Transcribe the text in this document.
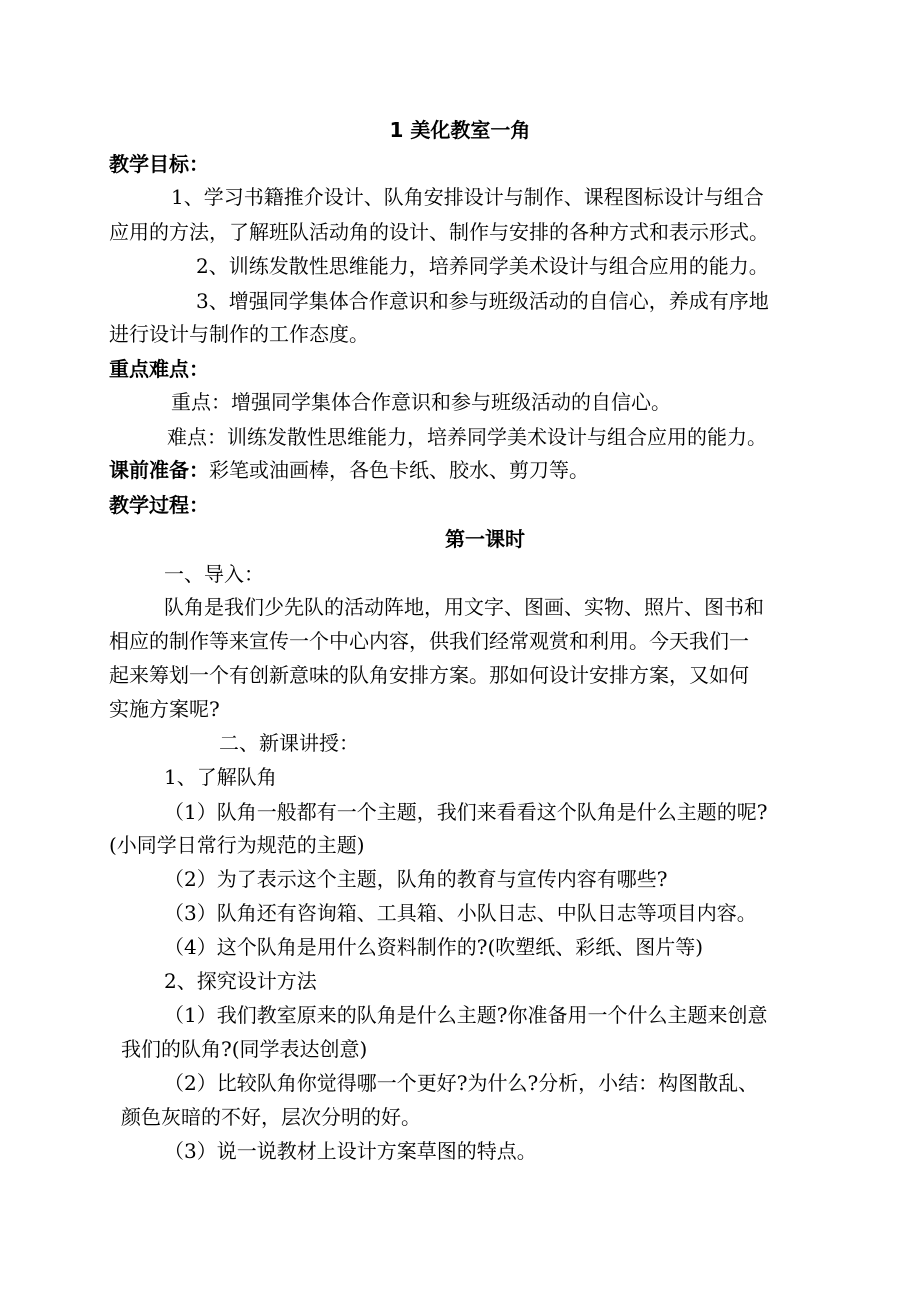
1 美化教室一角
教学目标：
1、学习书籍推介设计、队角安排设计与制作、课程图标设计与组合
应用的方法，了解班队活动角的设计、制作与安排的各种方式和表示形式。
2、训练发散性思维能力，培养同学美术设计与组合应用的能力。
3、增强同学集体合作意识和参与班级活动的自信心，养成有序地
进行设计与制作的工作态度。
重点难点：
重点：增强同学集体合作意识和参与班级活动的自信心。
难点：训练发散性思维能力，培养同学美术设计与组合应用的能力。
课前准备：彩笔或油画棒，各色卡纸、胶水、剪刀等。
教学过程：
第一课时
一、导入：
队角是我们少先队的活动阵地，用文字、图画、实物、照片、图书和
相应的制作等来宣传一个中心内容，供我们经常观赏和利用。今天我们一
起来筹划一个有创新意味的队角安排方案。那如何设计安排方案，又如何
实施方案呢?
二、新课讲授：
1、了解队角
（1）队角一般都有一个主题，我们来看看这个队角是什么主题的呢?
(小同学日常行为规范的主题)
（2）为了表示这个主题，队角的教育与宣传内容有哪些?
（3）队角还有咨询箱、工具箱、小队日志、中队日志等项目内容。
（4）这个队角是用什么资料制作的?(吹塑纸、彩纸、图片等)
2、探究设计方法
（1）我们教室原来的队角是什么主题?你准备用一个什么主题来创意
我们的队角?(同学表达创意)
（2）比较队角你觉得哪一个更好?为什么?分析，小结：构图散乱、
颜色灰暗的不好，层次分明的好。
（3）说一说教材上设计方案草图的特点。
